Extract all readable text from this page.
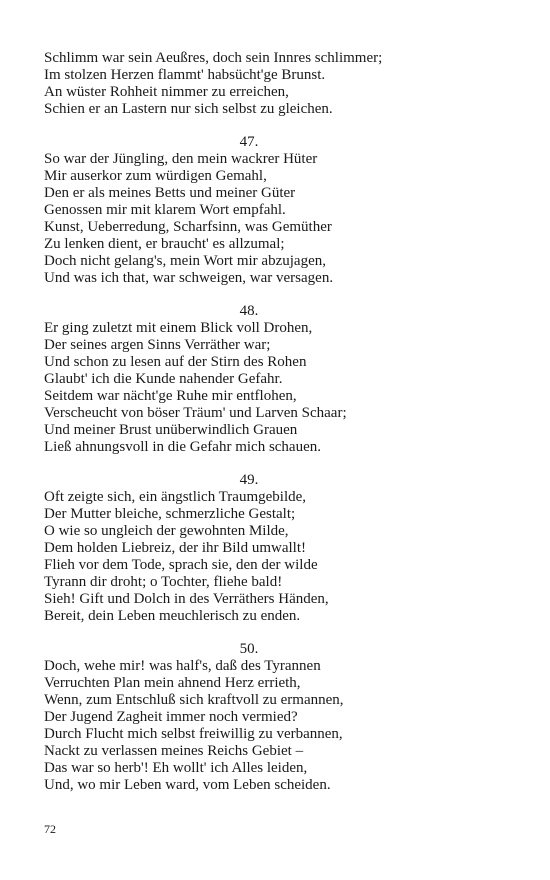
Schlimm war sein Aeußres, doch sein Innres schlimmer;
Im stolzen Herzen flammt' habsücht'ge Brunst.
An wüster Rohheit nimmer zu erreichen,
Schien er an Lastern nur sich selbst zu gleichen.
47.
So war der Jüngling, den mein wackrer Hüter
Mir auserkor zum würdigen Gemahl,
Den er als meines Betts und meiner Güter
Genossen mir mit klarem Wort empfahl.
Kunst, Ueberredung, Scharfsinn, was Gemüther
Zu lenken dient, er braucht' es allzumal;
Doch nicht gelang's, mein Wort mir abzujagen,
Und was ich that, war schweigen, war versagen.
48.
Er ging zuletzt mit einem Blick voll Drohen,
Der seines argen Sinns Verräther war;
Und schon zu lesen auf der Stirn des Rohen
Glaubt' ich die Kunde nahender Gefahr.
Seitdem war nächt'ge Ruhe mir entflohen,
Verscheucht von böser Träum' und Larven Schaar;
Und meiner Brust unüberwindlich Grauen
Ließ ahnungsvoll in die Gefahr mich schauen.
49.
Oft zeigte sich, ein ängstlich Traumgebilde,
Der Mutter bleiche, schmerzliche Gestalt;
O wie so ungleich der gewohnten Milde,
Dem holden Liebreiz, der ihr Bild umwallt!
Flieh vor dem Tode, sprach sie, den der wilde
Tyrann dir droht; o Tochter, fliehe bald!
Sieh! Gift und Dolch in des Verräthers Händen,
Bereit, dein Leben meuchlerisch zu enden.
50.
Doch, wehe mir! was half's, daß des Tyrannen
Verruchten Plan mein ahnend Herz errieth,
Wenn, zum Entschluß sich kraftvoll zu ermannen,
Der Jugend Zagheit immer noch vermied?
Durch Flucht mich selbst freiwillig zu verbannen,
Nackt zu verlassen meines Reichs Gebiet –
Das war so herb'! Eh wollt' ich Alles leiden,
Und, wo mir Leben ward, vom Leben scheiden.
72
